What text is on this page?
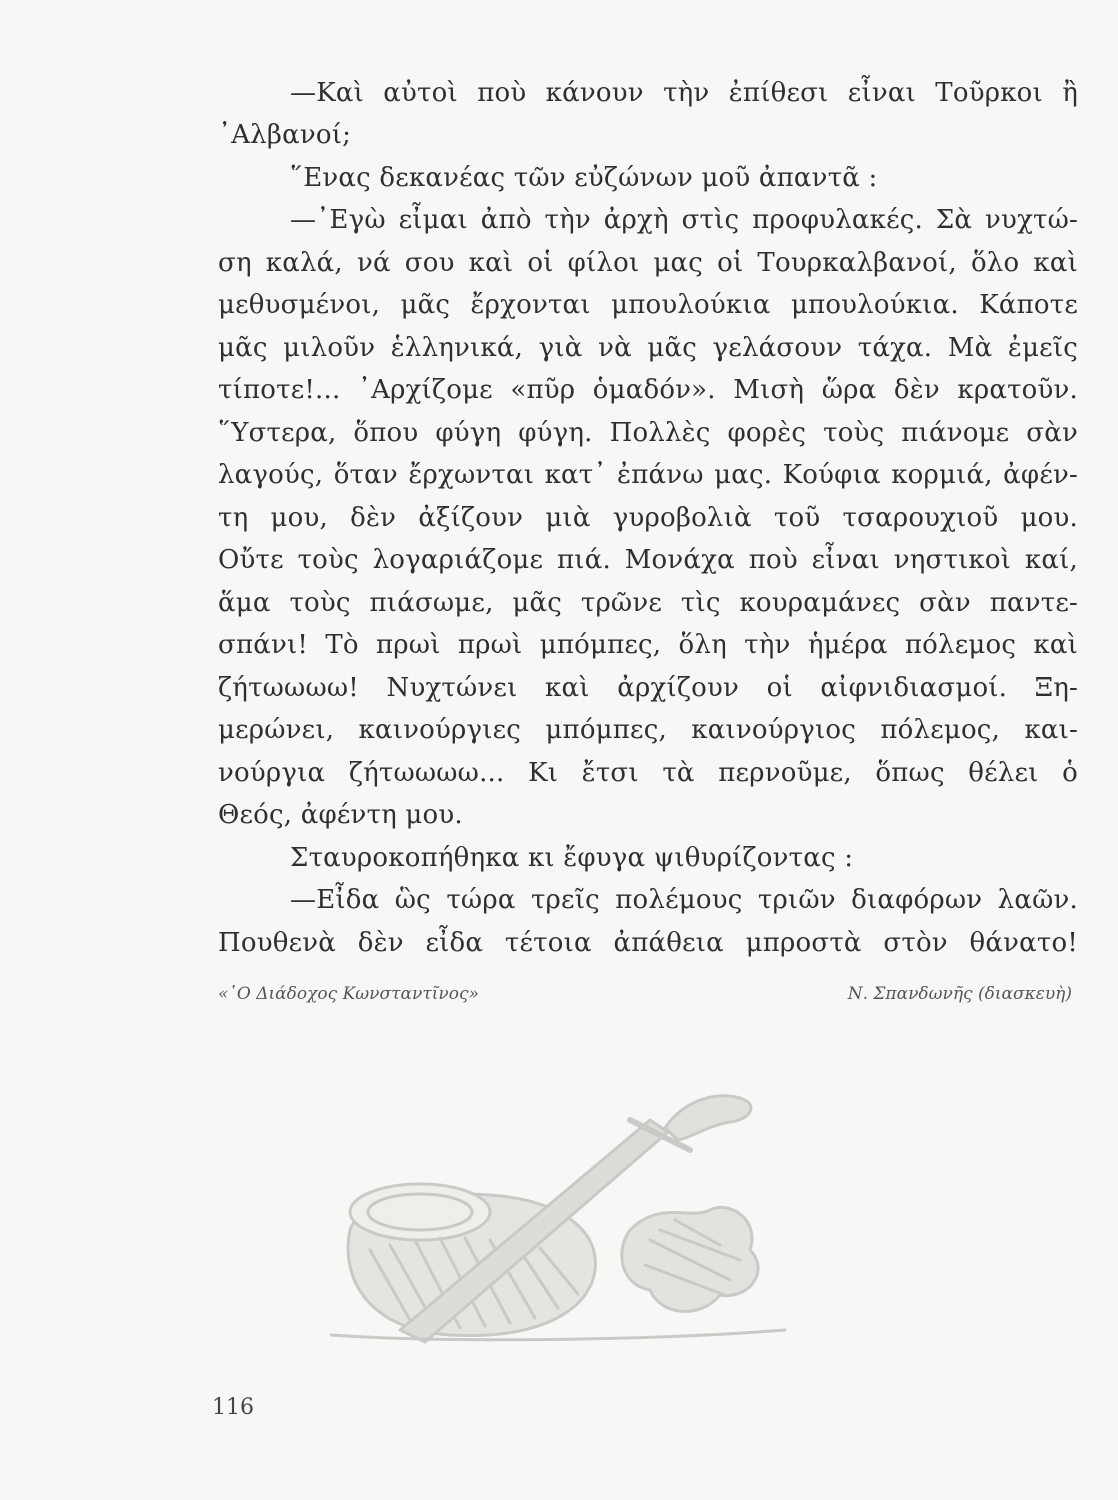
—Καὶ αὐτοὶ ποὺ κάνουν τὴν ἐπίθεσι εἶναι Τοῦρκοι ἢ
᾿Αλβανοί;
῞Ενας δεκανέας τῶν εὐζώνων μοῦ ἀπαντᾶ :
—᾿Εγὼ εἶμαι ἀπὸ τὴν ἀρχὴ στὶς προφυλακές. Σὰ νυχτώ-
ση καλά, νά σου καὶ οἱ φίλοι μας οἱ Τουρκαλβανοί, ὅλο καὶ
μεθυσμένοι, μᾶς ἔρχονται μπουλούκια μπουλούκια. Κάποτε
μᾶς μιλοῦν ἑλληνικά, γιὰ νὰ μᾶς γελάσουν τάχα. Μὰ ἐμεῖς
τίποτε!... ᾿Αρχίζομε «πῦρ ὁμαδόν». Μισὴ ὥρα δὲν κρατοῦν.
῞Υστερα, ὅπου φύγη φύγη. Πολλὲς φορὲς τοὺς πιάνομε σὰν
λαγούς, ὅταν ἔρχωνται κατ᾿ ἐπάνω μας. Κούφια κορμιά, ἀφέν-
τη μου, δὲν ἀξίζουν μιὰ γυροβολιὰ τοῦ τσαρουχιοῦ μου.
Οὔτε τοὺς λογαριάζομε πιά. Μονάχα ποὺ εἶναι νηστικοὶ καί,
ἅμα τοὺς πιάσωμε, μᾶς τρῶνε τὶς κουραμάνες σὰν παντε-
σπάνι! Τὸ πρωὶ πρωὶ μπόμπες, ὅλη τὴν ἡμέρα πόλεμος καὶ
ζήτωωωω! Νυχτώνει καὶ ἀρχίζουν οἱ αἰφνιδιασμοί. Ξη-
μερώνει, καινούργιες μπόμπες, καινούργιος πόλεμος, και-
νούργια ζήτωωωω... Κι ἔτσι τὰ περνοῦμε, ὅπως θέλει ὁ
Θεός, ἀφέντη μου.
Σταυροκοπήθηκα κι ἔφυγα ψιθυρίζοντας :
—Εἶδα ὣς τώρα τρεῖς πολέμους τριῶν διαφόρων λαῶν.
Πουθενὰ δὲν εἶδα τέτοια ἀπάθεια μπροστὰ στὸν θάνατο!
«῾Ο Διάδοχος Κωνσταντῖνος»	Ν. Σπανδωνῆς (διασκευὴ)
116
